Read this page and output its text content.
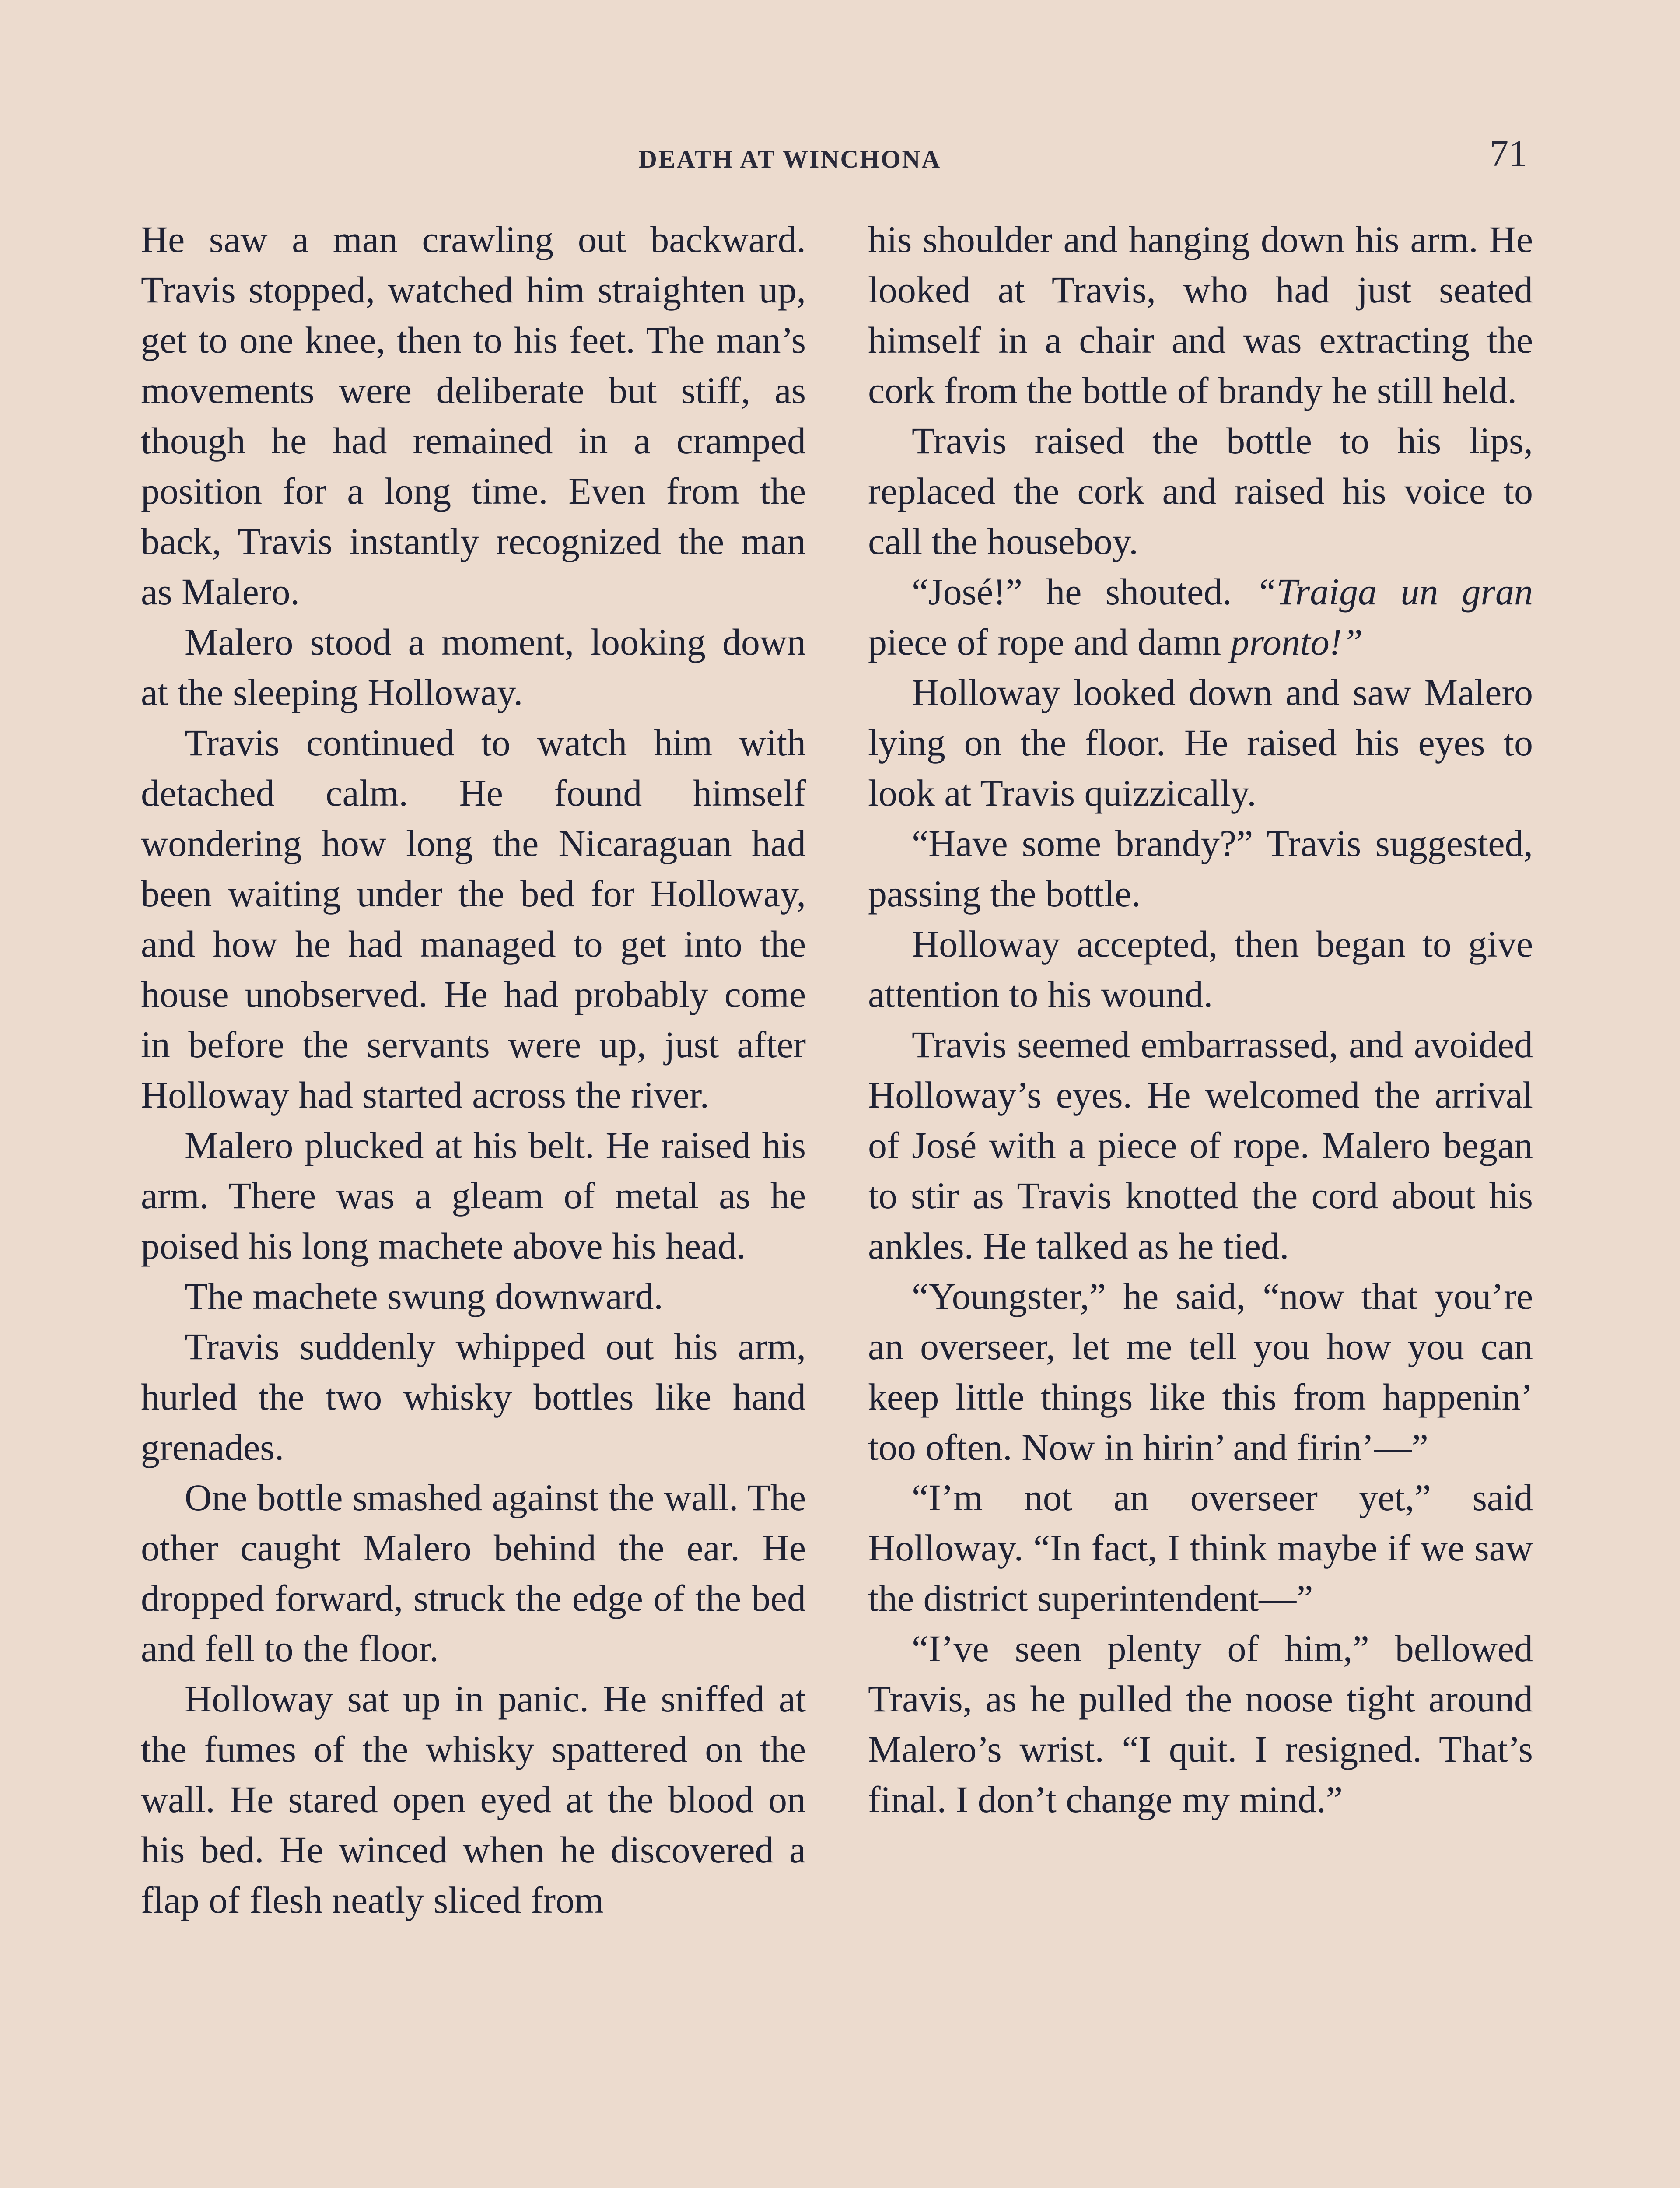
DEATH AT WINCHONA	71

He saw a man crawling out backward. Travis stopped, watched him straighten up, get to one knee, then to his feet. The man’s movements were deliberate but stiff, as though he had remained in a cramped position for a long time. Even from the back, Travis instantly recognized the man as Malero.

Malero stood a moment, looking down at the sleeping Holloway.

Travis continued to watch him with detached calm. He found himself wondering how long the Nicaraguan had been waiting under the bed for Holloway, and how he had managed to get into the house unobserved. He had probably come in before the servants were up, just after Holloway had started across the river.

Malero plucked at his belt. He raised his arm. There was a gleam of metal as he poised his long machete above his head.

The machete swung downward.

Travis suddenly whipped out his arm, hurled the two whisky bottles like hand grenades.

One bottle smashed against the wall. The other caught Malero behind the ear. He dropped forward, struck the edge of the bed and fell to the floor.

Holloway sat up in panic. He sniffed at the fumes of the whisky spattered on the wall. He stared open eyed at the blood on his bed. He winced when he discovered a flap of flesh neatly sliced from

his shoulder and hanging down his arm. He looked at Travis, who had just seated himself in a chair and was extracting the cork from the bottle of brandy he still held.

Travis raised the bottle to his lips, replaced the cork and raised his voice to call the houseboy.

“José!” he shouted. “Traiga un gran piece of rope and damn pronto!”

Holloway looked down and saw Malero lying on the floor. He raised his eyes to look at Travis quizzically.

“Have some brandy?” Travis suggested, passing the bottle.

Holloway accepted, then began to give attention to his wound.

Travis seemed embarrassed, and avoided Holloway’s eyes. He welcomed the arrival of José with a piece of rope. Malero began to stir as Travis knotted the cord about his ankles. He talked as he tied.

“Youngster,” he said, “now that you’re an overseer, let me tell you how you can keep little things like this from happenin’ too often. Now in hirin’ and firin’—”

“I’m not an overseer yet,” said Holloway. “In fact, I think maybe if we saw the district superintendent—”

“I’ve seen plenty of him,” bellowed Travis, as he pulled the noose tight around Malero’s wrist. “I quit. I resigned. That’s final. I don’t change my mind.”
